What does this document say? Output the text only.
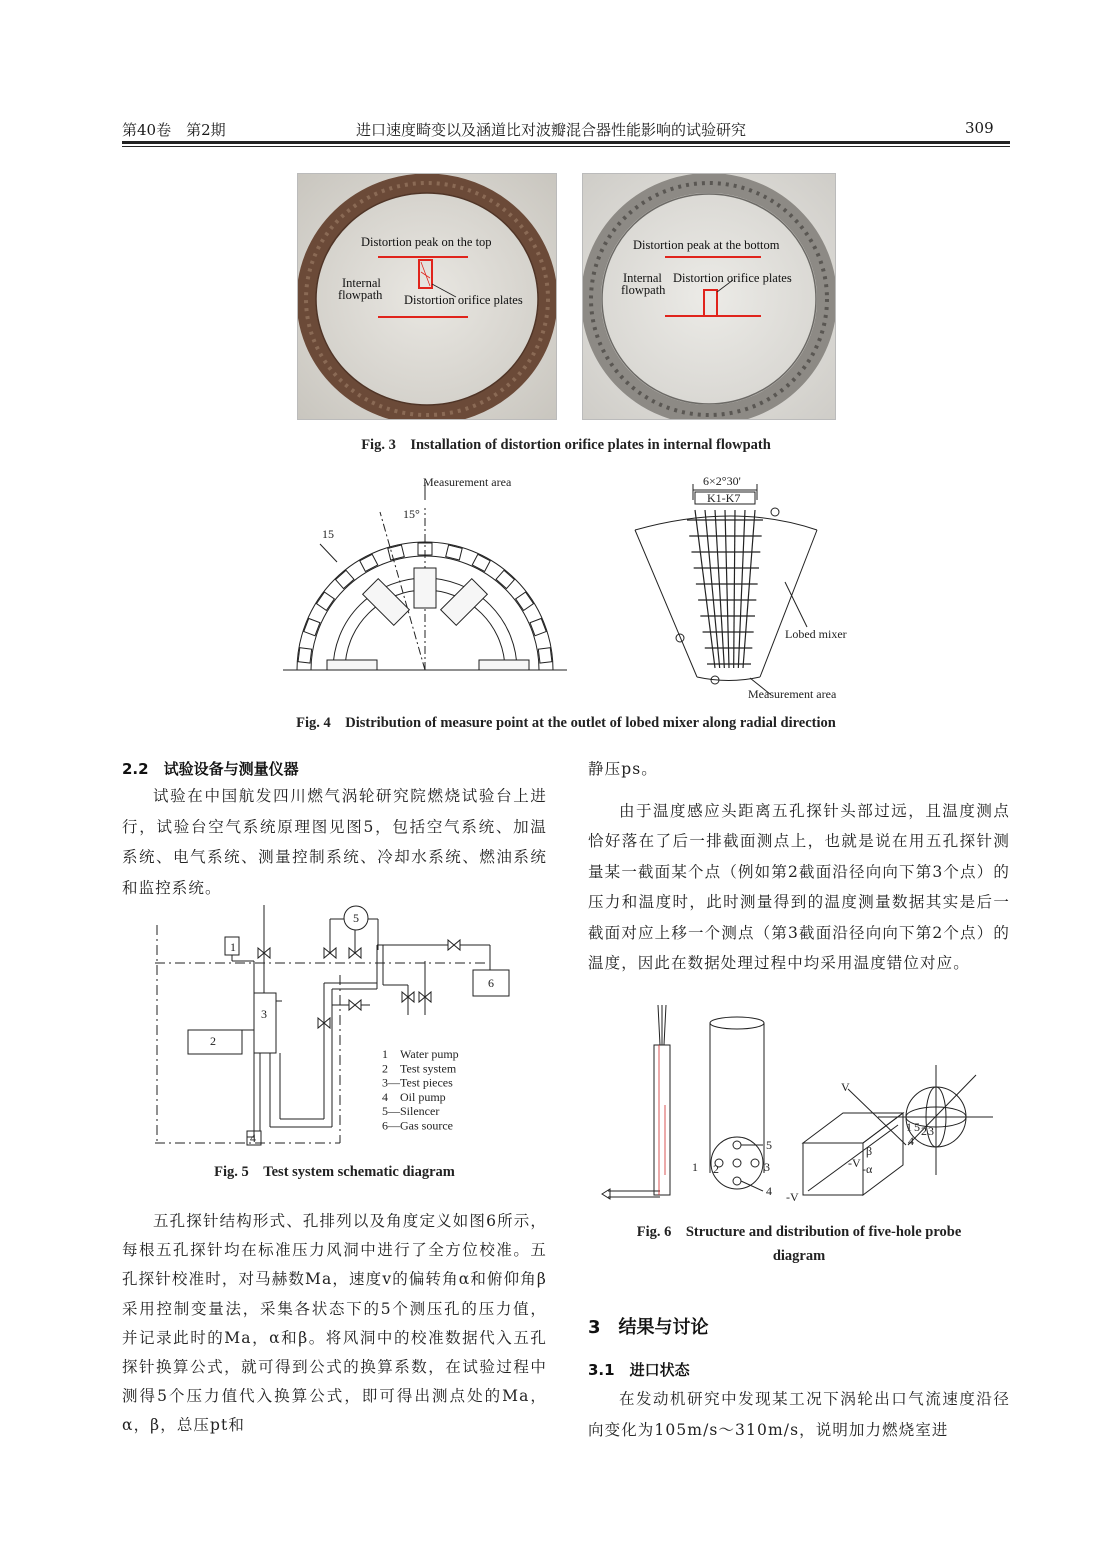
第40卷　第2期	进口速度畸变以及涵道比对波瓣混合器性能影响的试验研究	309
Distortion peak on the top
Internal
flowpath Distortion orifice plates
Distortion peak at the bottom
Internal
flowpath
Distortion orifice plates
Fig. 3　Installation of distortion orifice plates in internal flowpath
Measurement area
15°
15
6×2°30'
K1-K7
Lobed mixer
Measurement area
Fig. 4　Distribution of measure point at the outlet of lobed mixer along radial direction
2.2　试验设备与测量仪器
试验在中国航发四川燃气涡轮研究院燃烧试验台上进行，试验台空气系统原理图见图5，包括空气系统、加温系统、电气系统、测量控制系统、冷却水系统、燃油系统和监控系统。
1
2
3
4
5
6
1　Water pump
2　Test system
3—Test pieces
4　Oil pump
5—Silencer
6—Gas source
Fig. 5　Test system schematic diagram
五孔探针结构形式、孔排列以及角度定义如图6所示，每根五孔探针均在标准压力风洞中进行了全方位校准。五孔探针校准时，对马赫数Ma，速度v的偏转角α和俯仰角β采用控制变量法，采集各状态下的5个测压孔的压力值，并记录此时的Ma，α和β。将风洞中的校准数据代入五孔探针换算公式，就可得到公式的换算系数，在试验过程中测得5个压力值代入换算公式，即可得出测点处的Ma，α，β，总压pt和
静压ps。
由于温度感应头距离五孔探针头部过远，且温度测点恰好落在了后一排截面测点上，也就是说在用五孔探针测量某一截面某个点（例如第2截面沿径向向下第3个点）的压力和温度时，此时测量得到的温度测量数据其实是后一截面对应上移一个测点（第3截面沿径向向下第2个点）的温度，因此在数据处理过程中均采用温度错位对应。
5
1 2	3
4
V
-V
-V
β
-α
1
4
5 2 3
Fig. 6　Structure and distribution of five-hole probe
diagram
3　结果与讨论
3.1　进口状态
在发动机研究中发现某工况下涡轮出口气流速度沿径向变化为105m/s～310m/s，说明加力燃烧室进
